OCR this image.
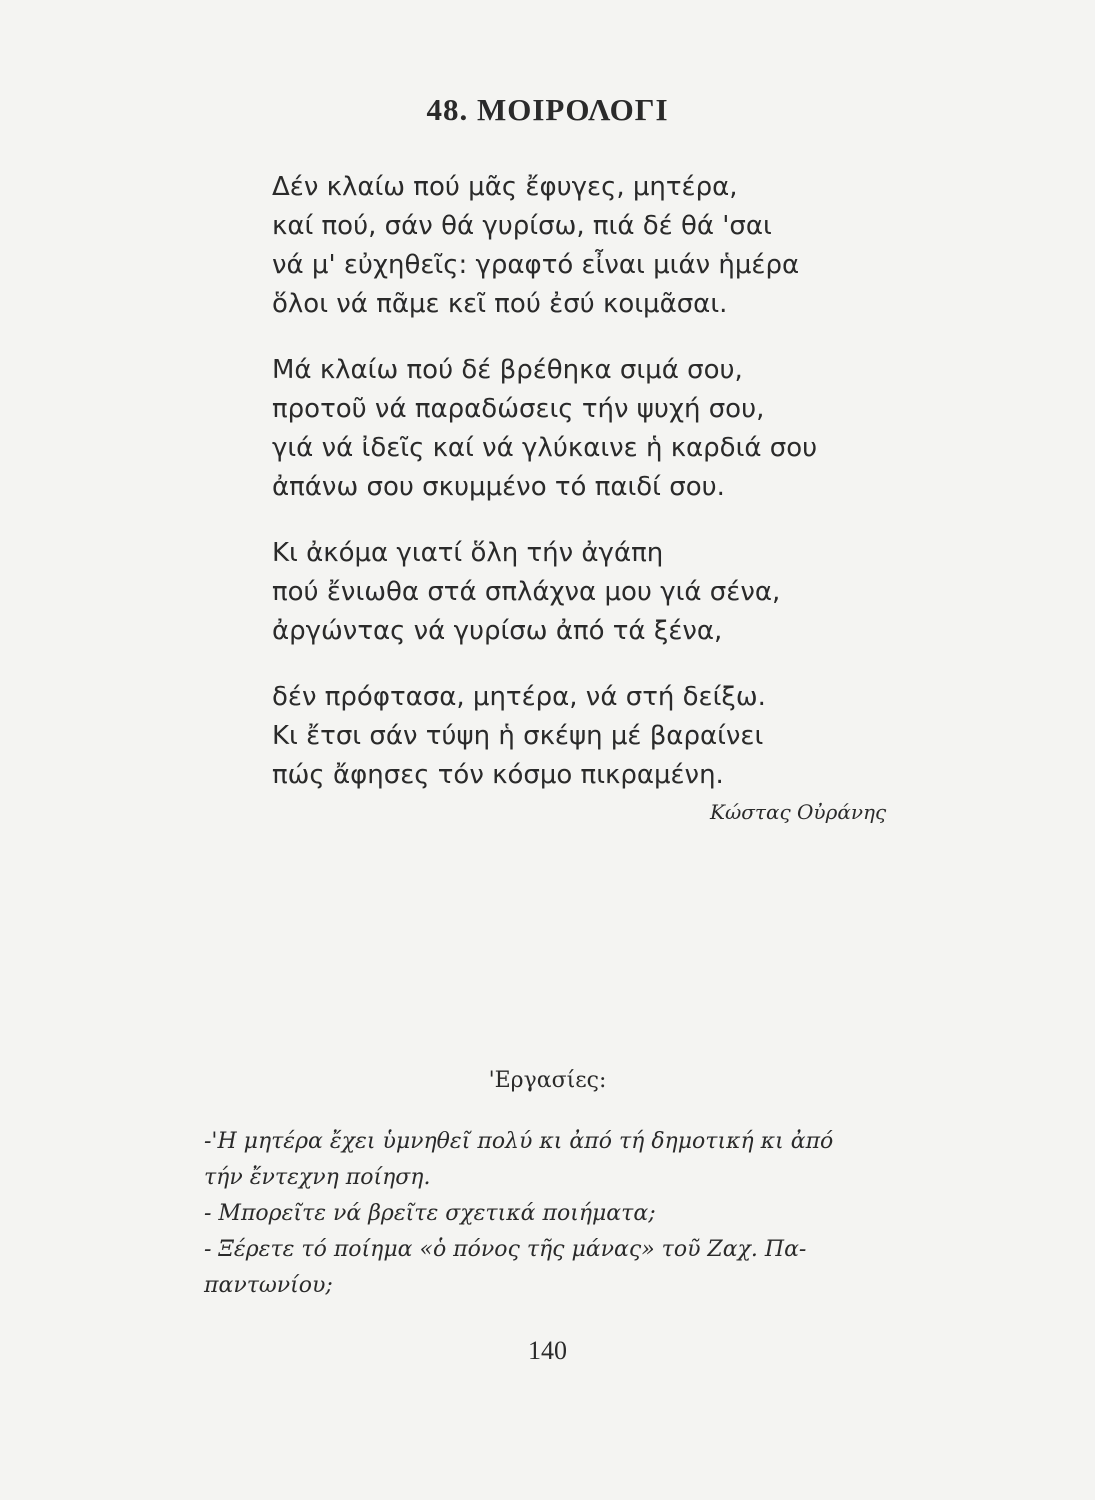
48. ΜΟΙΡΟΛΟΓΙ
Δέν κλαίω πού μᾶς ἔφυγες, μητέρα,
καί πού, σάν θά γυρίσω, πιά δέ θά 'σαι
νά μ' εὐχηθεῖς: γραφτό εἶναι μιάν ἡμέρα
ὅλοι νά πᾶμε κεῖ πού ἐσύ κοιμᾶσαι.
Μά κλαίω πού δέ βρέθηκα σιμά σου,
προτοῦ νά παραδώσεις τήν ψυχή σου,
γιά νά ἰδεῖς καί νά γλύκαινε ἡ καρδιά σου
ἀπάνω σου σκυμμένο τό παιδί σου.
Κι ἀκόμα γιατί ὅλη τήν ἀγάπη
πού ἔνιωθα στά σπλάχνα μου γιά σένα,
ἀργώντας νά γυρίσω ἀπό τά ξένα,
δέν πρόφτασα, μητέρα, νά στή δείξω.
Κι ἔτσι σάν τύψη ἡ σκέψη μέ βαραίνει
πώς ἄφησες τόν κόσμο πικραμένη.
Κώστας Οὐράνης
'Εργασίες:
-'Η μητέρα ἔχει ὑμνηθεῖ πολύ κι ἀπό τή δημοτική κι ἀπό
τήν ἔντεχνη ποίηση.
- Μπορεῖτε νά βρεῖτε σχετικά ποιήματα;
- Ξέρετε τό ποίημα «ὁ πόνος τῆς μάνας» τοῦ Ζαχ. Πα-
παντωνίου;
140
